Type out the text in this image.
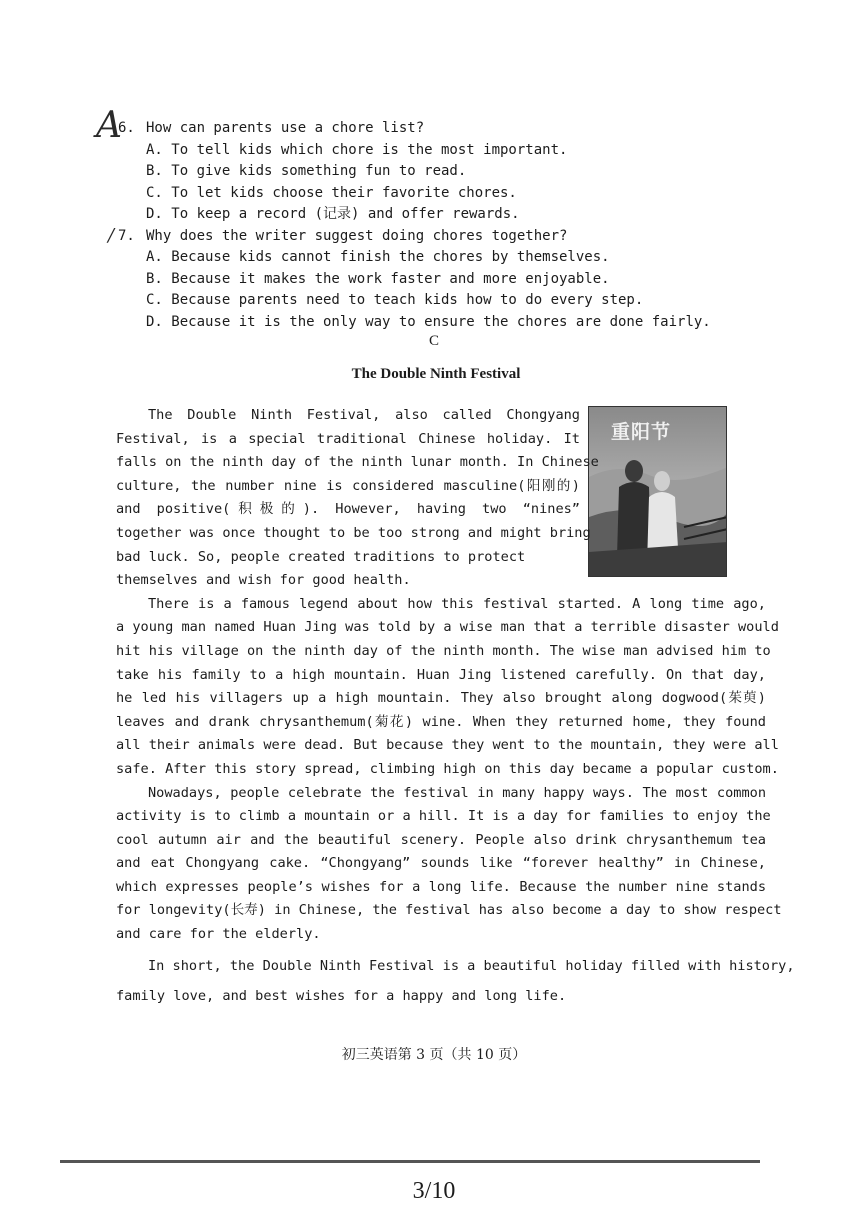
A
/
6. How can parents use a chore list?
A. To tell kids which chore is the most important.
B. To give kids something fun to read.
C. To let kids choose their favorite chores.
D. To keep a record (记录) and offer rewards.
7. Why does the writer suggest doing chores together?
A. Because kids cannot finish the chores by themselves.
B. Because it makes the work faster and more enjoyable.
C. Because parents need to teach kids how to do every step.
D. Because it is the only way to ensure the chores are done fairly.
C
The Double Ninth Festival
重阳节
The Double Ninth Festival, also called Chongyang
Festival, is a special traditional Chinese holiday. It
falls on the ninth day of the ninth lunar month. In Chinese
culture, the number nine is considered masculine(阳刚的)
and positive(积极的). However, having two “nines”
together was once thought to be too strong and might bring
bad luck. So, people created traditions to protect
themselves and wish for good health.
There is a famous legend about how this festival started. A long time ago,
a young man named Huan Jing was told by a wise man that a terrible disaster would
hit his village on the ninth day of the ninth month. The wise man advised him to
take his family to a high mountain. Huan Jing listened carefully. On that day,
he led his villagers up a high mountain. They also brought along dogwood(茱萸)
leaves and drank chrysanthemum(菊花) wine. When they returned home, they found
all their animals were dead. But because they went to the mountain, they were all
safe. After this story spread, climbing high on this day became a popular custom.
Nowadays, people celebrate the festival in many happy ways. The most common
activity is to climb a mountain or a hill. It is a day for families to enjoy the
cool autumn air and the beautiful scenery. People also drink chrysanthemum tea
and eat Chongyang cake. “Chongyang” sounds like “forever healthy” in Chinese,
which expresses people’s wishes for a long life. Because the number nine stands
for longevity(长寿) in Chinese, the festival has also become a day to show respect
and care for the elderly.
In short, the Double Ninth Festival is a beautiful holiday filled with history,
family love, and best wishes for a happy and long life.
初三英语第 3 页（共 10 页）
3/10
